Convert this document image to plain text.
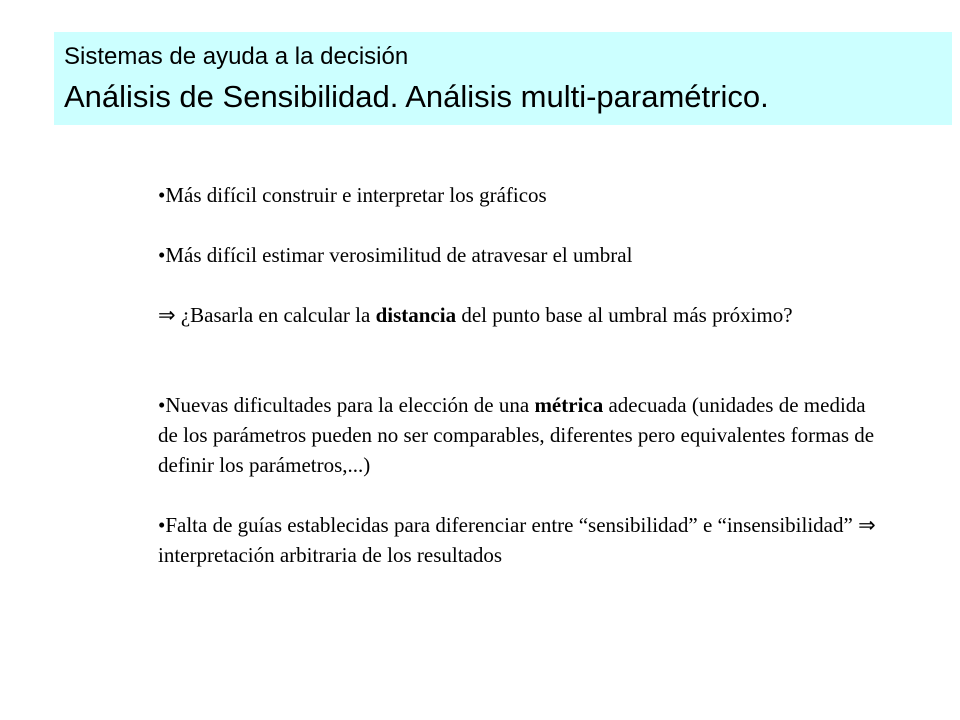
Sistemas de ayuda a la decisión
Análisis de Sensibilidad. Análisis multi-paramétrico.

•Más difícil construir e interpretar los gráficos

•Más difícil estimar verosimilitud de atravesar el umbral

⇒ ¿Basarla en calcular la distancia del punto base al umbral más próximo?

•Nuevas dificultades para la elección de una métrica adecuada (unidades de medida de los parámetros pueden no ser comparables, diferentes pero equivalentes formas de definir los parámetros,...)

•Falta de guías establecidas para diferenciar entre “sensibilidad” e “insensibilidad” ⇒ interpretación arbitraria de los resultados
